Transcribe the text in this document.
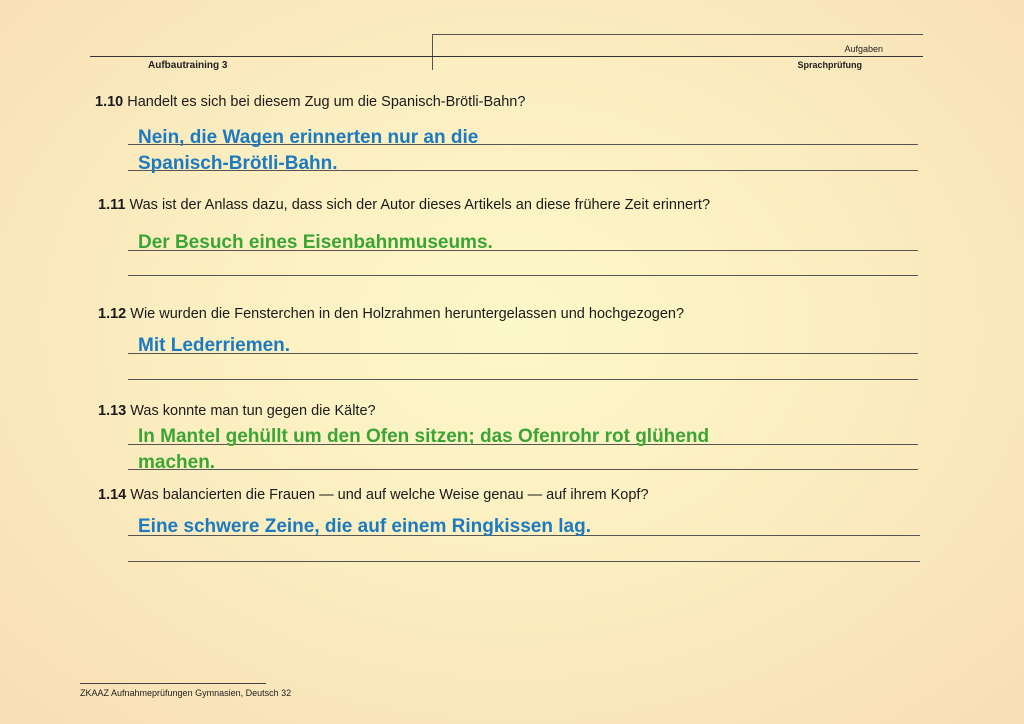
Aufbautraining 3
Aufgaben
Sprachprüfung
1.10 Handelt es sich bei diesem Zug um die Spanisch-Brötli-Bahn?
Nein, die Wagen erinnerten nur an die
Spanisch-Brötli-Bahn.
1.11 Was ist der Anlass dazu, dass sich der Autor dieses Artikels an diese frühere Zeit erinnert?
Der Besuch eines Eisenbahnmuseums.
1.12 Wie wurden die Fensterchen in den Holzrahmen heruntergelassen und hochgezogen?
Mit Lederriemen.
1.13 Was konnte man tun gegen die Kälte?
In Mantel gehüllt um den Ofen sitzen; das Ofenrohr rot glühend
machen.
1.14 Was balancierten die Frauen — und auf welche Weise genau — auf ihrem Kopf?
Eine schwere Zeine, die auf einem Ringkissen lag.
ZKAAZ Aufnahmeprüfungen Gymnasien, Deutsch 32
